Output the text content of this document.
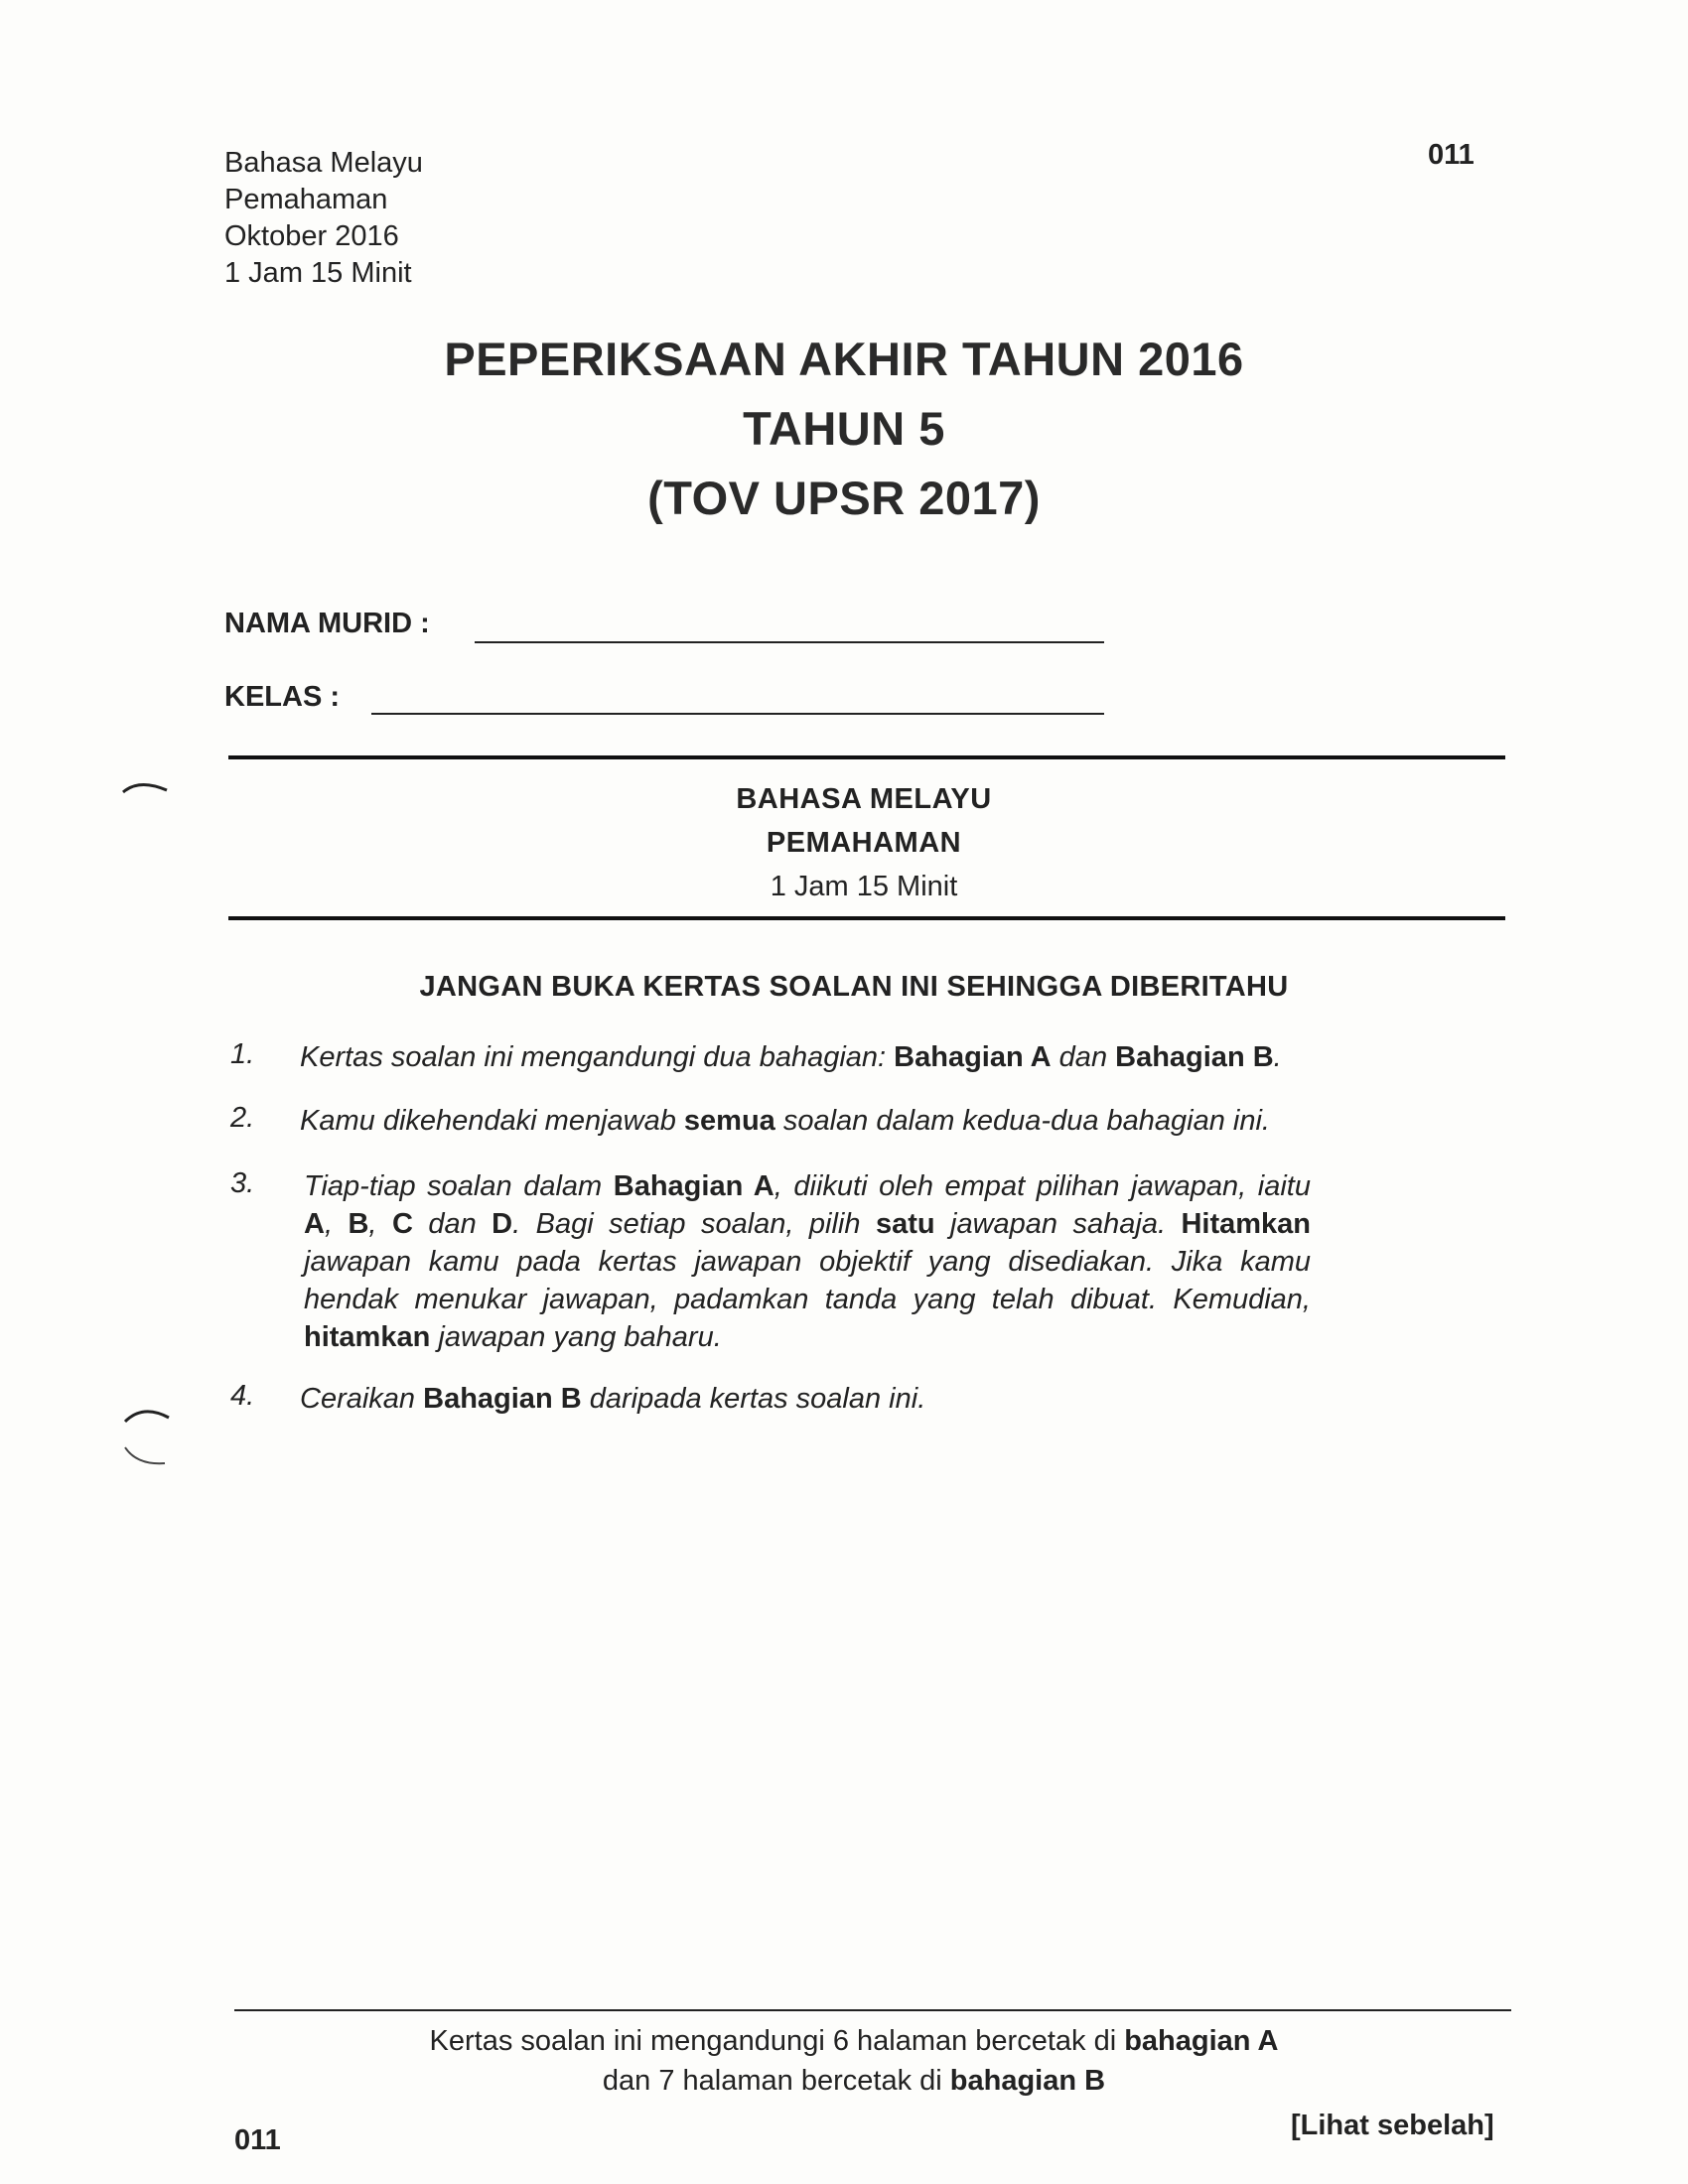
Bahasa Melayu
Pemahaman
Oktober 2016
1 Jam 15 Minit
011
PEPERIKSAAN AKHIR TAHUN 2016
TAHUN 5
(TOV UPSR 2017)
NAMA MURID :
KELAS :
BAHASA MELAYU
PEMAHAMAN
1 Jam 15 Minit
JANGAN BUKA KERTAS SOALAN INI SEHINGGA DIBERITAHU
1. Kertas soalan ini mengandungi dua bahagian: Bahagian A dan Bahagian B.
2. Kamu dikehendaki menjawab semua soalan dalam kedua-dua bahagian ini.
3. Tiap-tiap soalan dalam Bahagian A, diikuti oleh empat pilihan jawapan, iaitu A, B, C dan D. Bagi setiap soalan, pilih satu jawapan sahaja. Hitamkan jawapan kamu pada kertas jawapan objektif yang disediakan. Jika kamu hendak menukar jawapan, padamkan tanda yang telah dibuat. Kemudian, hitamkan jawapan yang baharu.
4. Ceraikan Bahagian B daripada kertas soalan ini.
Kertas soalan ini mengandungi 6 halaman bercetak di bahagian A
dan 7 halaman bercetak di bahagian B
011	[Lihat sebelah]
